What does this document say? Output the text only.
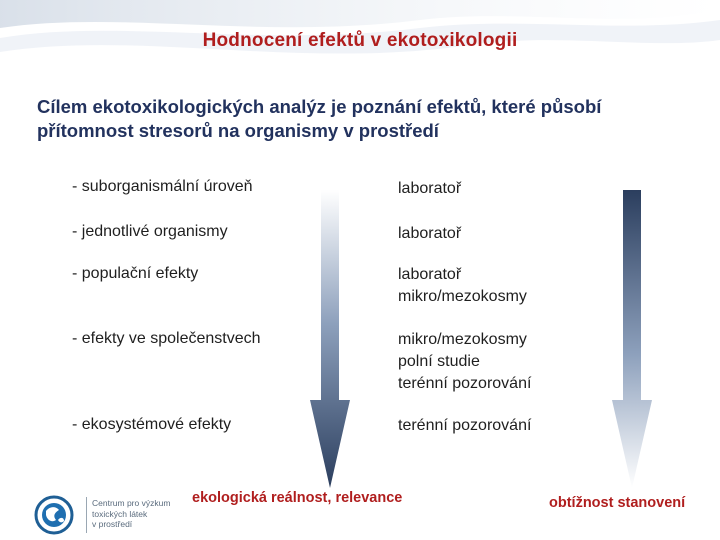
Hodnocení efektů v ekotoxikologii
Cílem ekotoxikologických analýz je poznání efektů, které působí přítomnost stresorů na organismy v prostředí
- suborganismální úroveň
- jednotlivé organismy
- populační efekty
- efekty ve společenstvech
- ekosystémové efekty
laboratoř
laboratoř
laboratoř
mikro/mezokosmy
mikro/mezokosmy
polní studie
terénní pozorování
terénní pozorování
ekologická reálnost, relevance	obtížnost stanovení
Centrum pro výzkum
toxických látek
v prostředí
